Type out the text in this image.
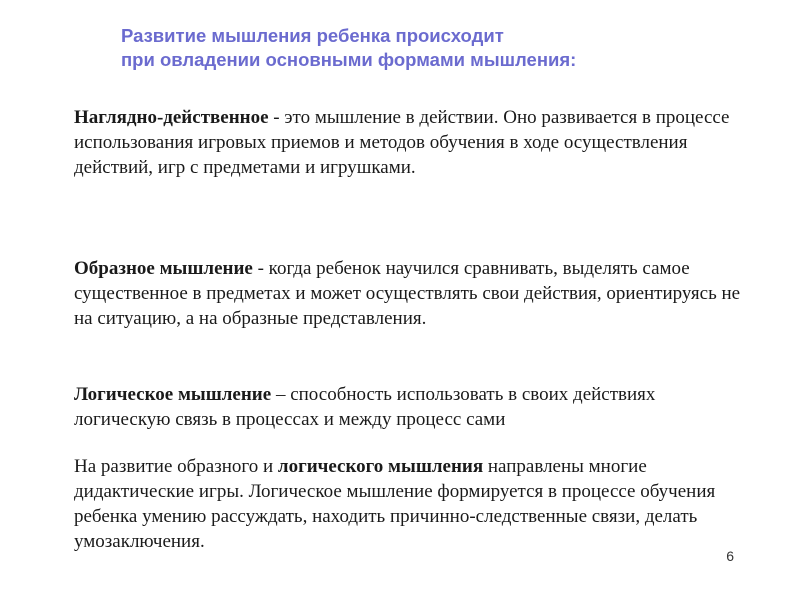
Развитие мышления ребенка происходит
при овладении основными формами мышления:
Наглядно-действенное - это мышление в действии. Оно развивается в процессе использования игровых приемов и методов обучения в ходе осуществления действий, игр с предметами и игрушками.
Образное мышление - когда ребенок научился сравнивать, выделять самое существенное в предметах и может осуществлять свои действия, ориентируясь не на ситуацию, а на образные представления.
Логическое мышление – способность использовать в своих действиях логическую связь в процессах и между процесс сами
На развитие образного и логического мышления направлены многие дидактические игры. Логическое мышление формируется в процессе обучения ребенка умению рассуждать, находить причинно-следственные связи, делать умозаключения.
6
